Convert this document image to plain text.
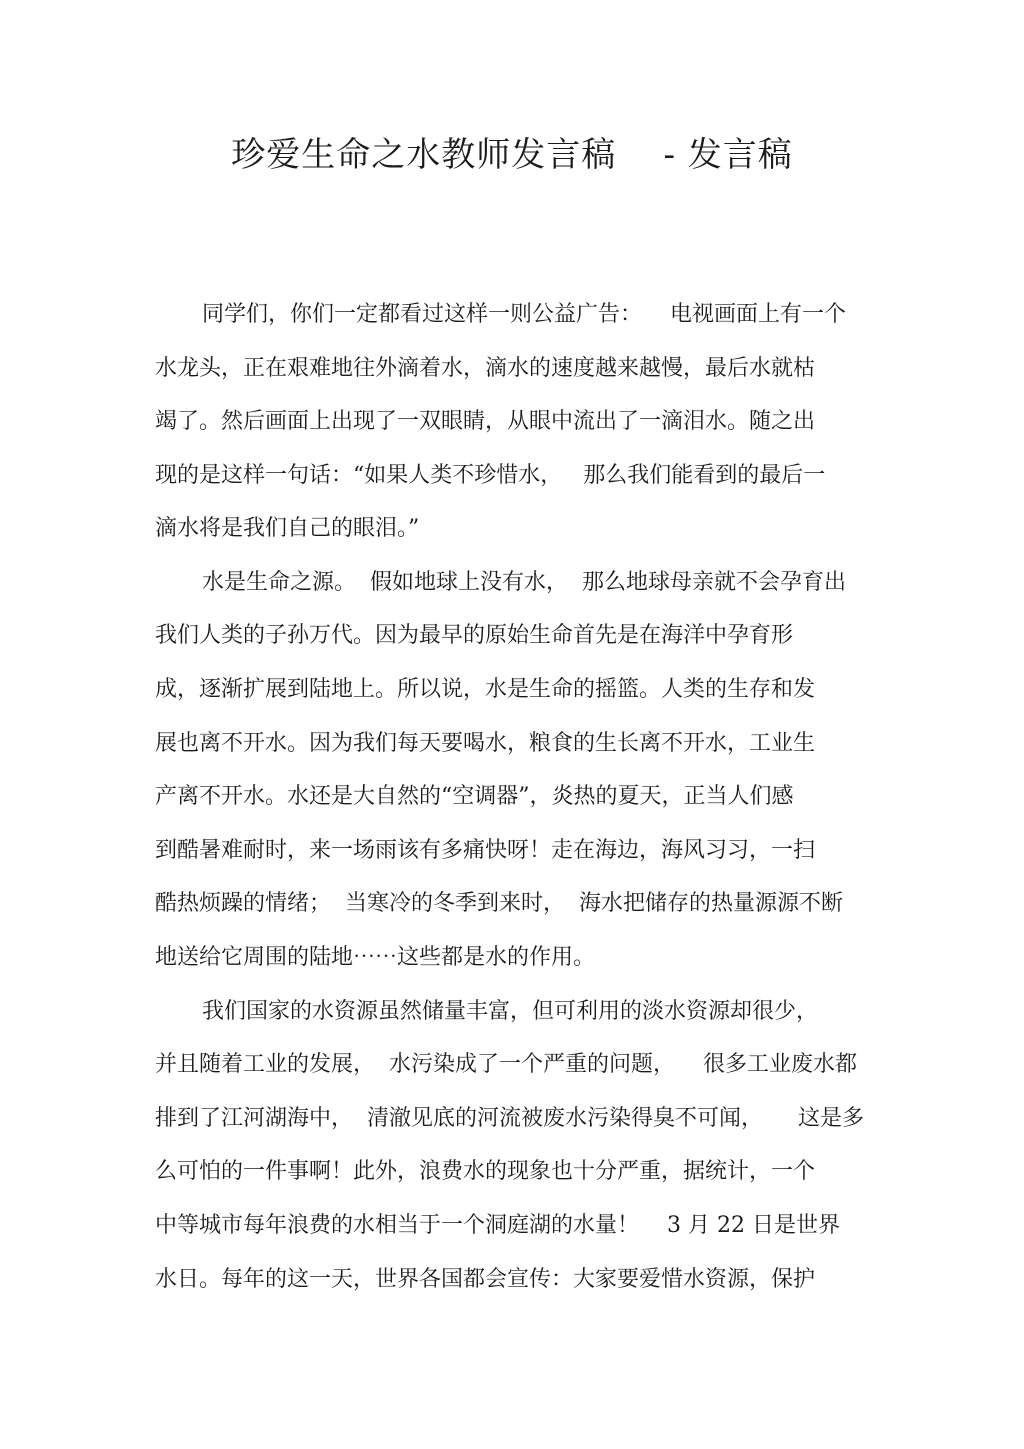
珍爱生命之水教师发言稿    - 发言稿
同学们，你们一定都看过这样一则公益广告：    电视画面上有一个
水龙头，正在艰难地往外滴着水，滴水的速度越来越慢，最后水就枯
竭了。然后画面上出现了一双眼睛，从眼中流出了一滴泪水。随之出
现的是这样一句话：“如果人类不珍惜水，   那么我们能看到的最后一
滴水将是我们自己的眼泪。”
水是生命之源。  假如地球上没有水，  那么地球母亲就不会孕育出
我们人类的子孙万代。因为最早的原始生命首先是在海洋中孕育形
成，逐渐扩展到陆地上。所以说，水是生命的摇篮。人类的生存和发
展也离不开水。因为我们每天要喝水，粮食的生长离不开水，工业生
产离不开水。水还是大自然的“空调器”，炎热的夏天，正当人们感
到酷暑难耐时，来一场雨该有多痛快呀！走在海边，海风习习，一扫
酷热烦躁的情绪；  当寒冷的冬季到来时，  海水把储存的热量源源不断
地送给它周围的陆地⋯⋯这些都是水的作用。
我们国家的水资源虽然储量丰富，但可利用的淡水资源却很少，
并且随着工业的发展，  水污染成了一个严重的问题，    很多工业废水都
排到了江河湖海中，  清澈见底的河流被废水污染得臭不可闻，     这是多
么可怕的一件事啊！此外，浪费水的现象也十分严重，据统计，一个
中等城市每年浪费的水相当于一个洞庭湖的水量！    3 月 22 日是世界
水日。每年的这一天，世界各国都会宣传：大家要爱惜水资源，保护
